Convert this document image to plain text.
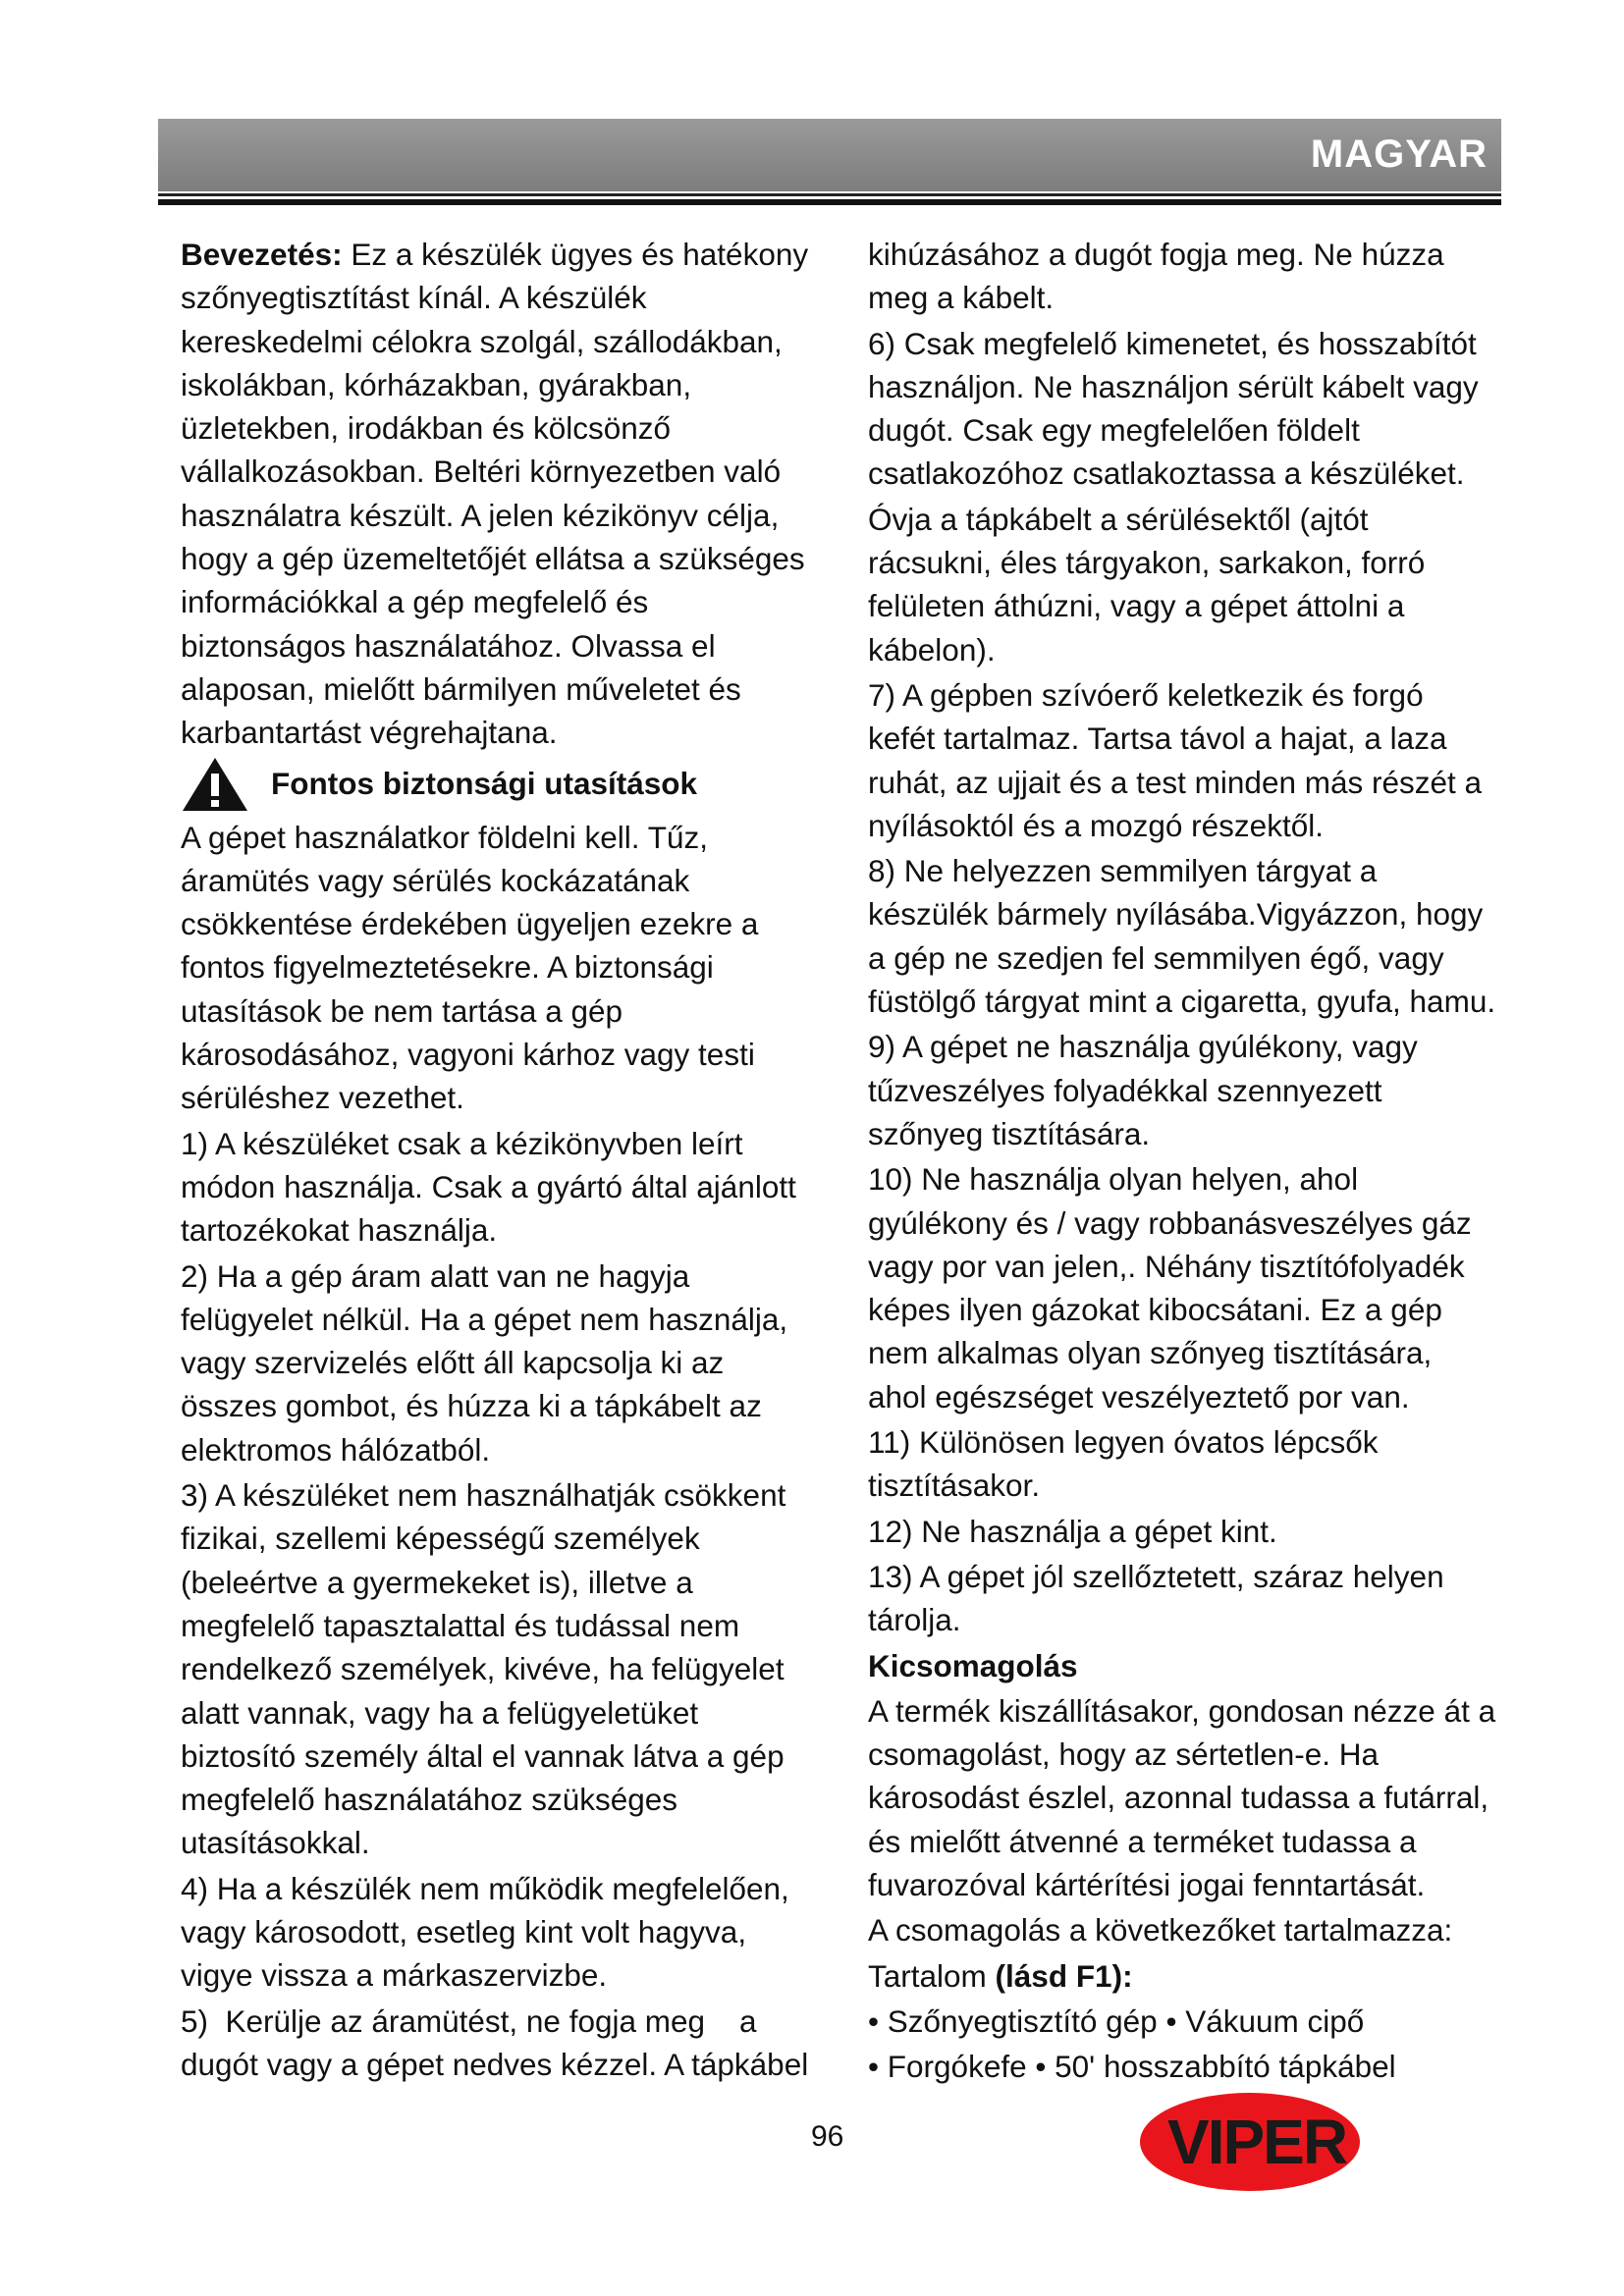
MAGYAR

Bevezetés: Ez a készülék ügyes és hatékony szőnyegtisztítást kínál. A készülék kereskedelmi célokra szolgál, szállodákban, iskolákban, kórházakban, gyárakban, üzletekben, irodákban és kölcsönző vállalkozásokban. Beltéri környezetben való használatra készült. A jelen kézikönyv célja, hogy a gép üzemeltetőjét ellátsa a szükséges információkkal a gép megfelelő és biztonságos használatához. Olvassa el alaposan, mielőtt bármilyen műveletet és karbantartást végrehajtana.

Fontos biztonsági utasítások

A gépet használatkor földelni kell. Tűz, áramütés vagy sérülés kockázatának csökkentése érdekében ügyeljen ezekre a fontos figyelmeztetésekre. A biztonsági utasítások be nem tartása a gép károsodásához, vagyoni kárhoz vagy testi sérüléshez vezethet.

1) A készüléket csak a kézikönyvben leírt módon használja. Csak a gyártó által ajánlott tartozékokat használja.

2) Ha a gép áram alatt van ne hagyja felügyelet nélkül. Ha a gépet nem használja, vagy szervizelés előtt áll kapcsolja ki az összes gombot, és húzza ki a tápkábelt az elektromos hálózatból.

3) A készüléket nem használhatják csökkent fizikai, szellemi képességű személyek (beleértve a gyermekeket is), illetve a megfelelő tapasztalattal és tudással nem rendelkező személyek, kivéve, ha felügyelet alatt vannak, vagy ha a felügyeletüket biztosító személy által el vannak látva a gép megfelelő használatához szükséges utasításokkal.

4) Ha a készülék nem működik megfelelően, vagy károsodott, esetleg kint volt hagyva, vigye vissza a márkaszervizbe.

5)  Kerülje az áramütést, ne fogja meg    a dugót vagy a gépet nedves kézzel. A tápkábel

kihúzásához a dugót fogja meg. Ne húzza meg a kábelt.

6) Csak megfelelő kimenetet, és hosszabítót használjon. Ne használjon sérült kábelt vagy dugót. Csak egy megfelelően földelt csatlakozóhoz csatlakoztassa a készüléket.

Óvja a tápkábelt a sérülésektől (ajtót rácsukni, éles tárgyakon, sarkakon, forró felületen áthúzni, vagy a gépet áttolni a kábelon).

7) A gépben szívóerő keletkezik és forgó kefét tartalmaz. Tartsa távol a hajat, a laza ruhát, az ujjait és a test minden más részét a nyílásoktól és a mozgó részektől.

8) Ne helyezzen semmilyen tárgyat a készülék bármely nyílásába.Vigyázzon, hogy a gép ne szedjen fel semmilyen égő, vagy füstölgő tárgyat mint a cigaretta, gyufa, hamu.

9) A gépet ne használja gyúlékony, vagy tűzveszélyes folyadékkal szennyezett szőnyeg tisztítására.

10) Ne használja olyan helyen, ahol gyúlékony és / vagy robbanásveszélyes gáz vagy por van jelen,. Néhány tisztítófolyadék képes ilyen gázokat kibocsátani. Ez a gép nem alkalmas olyan szőnyeg tisztítására, ahol egészséget veszélyeztető por van.

11) Különösen legyen óvatos lépcsők tisztításakor.

12) Ne használja a gépet kint.

13) A gépet jól szellőztetett, száraz helyen tárolja.

Kicsomagolás

A termék kiszállításakor, gondosan nézze át a csomagolást, hogy az sértetlen-e. Ha károsodást észlel, azonnal tudassa a futárral, és mielőtt átvenné a terméket tudassa a fuvarozóval kártérítési jogai fenntartását.

A csomagolás a következőket tartalmazza:

Tartalom (lásd F1):

• Szőnyegtisztító gép • Vákuum cipő

• Forgókefe • 50' hosszabbító tápkábel

96	VIPER
